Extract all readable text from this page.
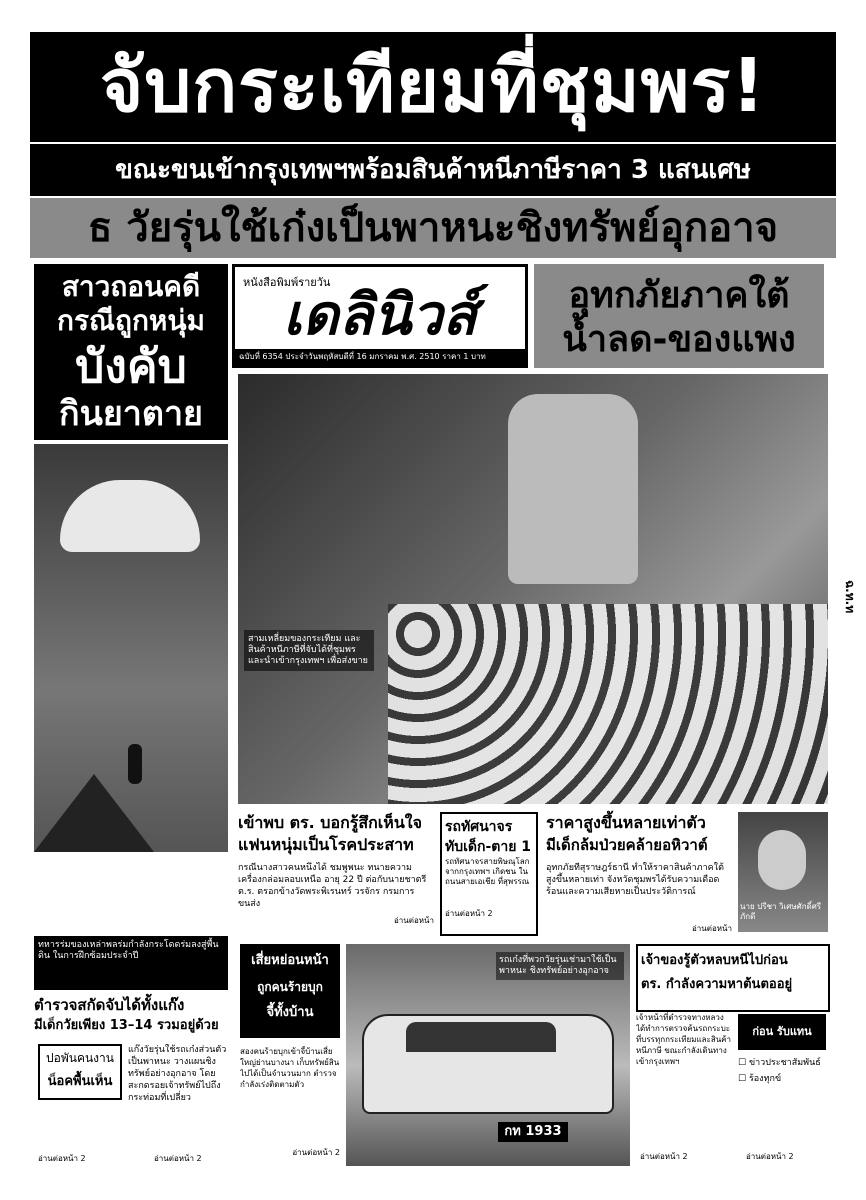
จับกระเทียมที่ชุมพร!
ขณะขนเข้ากรุงเทพฯพร้อมสินค้าหนีภาษีราคา 3 แสนเศษ
ธ วัยรุ่นใช้เก๋งเป็นพาหนะชิงทรัพย์อุกอาจ
สาวถอนคดี
กรณีถูกหนุ่ม
บังคับ
กินยาตาย
หนังสือพิมพ์รายวัน
เดลินิวส์
ฉบับที่ 6354 ประจำวันพฤหัสบดีที่ 16 มกราคม พ.ศ. 2510 ราคา 1 บาท
อุทกภัยภาคใต้
น้ำลด-ของแพง
ทหารร่มของเหล่าพลร่มกำลังกระโดดร่มลงสู่พื้นดิน ในการฝึกซ้อมประจำปี
สามเหลี่ยมของกระเทียม และสินค้าหนีภาษีที่จับได้ที่ชุมพร และนำเข้ากรุงเทพฯ เพื่อส่งขาย
ฉ.ท.ท
เข้าพบ ตร. บอกรู้สึกเห็นใจ
แฟนหนุ่มเป็นโรคประสาท
กรณีนางสาวคนหนึ่งได้ ชมพูพนะ ทนายความเครื่องกล่อมลอบเหนือ อายุ 22 ปี ต่อกับนายชาตรี ต.ร. ตรอกข้างวัดพระพิเรนทร์ วรจักร กรมการขนส่ง
อ่านต่อหน้า
รถทัศนาจร
ทับเด็ก-ตาย 1
รถทัศนาจรสายพิษณุโลก จากกรุงเทพฯ เกิดชน ในถนนสายเอเชีย ที่สุพรรณ
อ่านต่อหน้า 2
ราคาสูงขึ้นหลายเท่าตัว
มีเด็กล้มป่วยคล้ายอหิวาต์
อุทกภัยที่สุราษฎร์ธานี ทำให้ราคาสินค้าภาคใต้สูงขึ้นหลายเท่า จังหวัดชุมพรได้รับความเดือดร้อนและความเสียหายเป็นประวัติการณ์
อ่านต่อหน้า
นาย ปรีชา วิเศษศักดิ์ศรีภักดี
ตำรวจสกัดจับได้ทั้งแก๊ง
มีเด็กวัยเพียง 13–14 รวมอยู่ด้วย
ปอพันคนงาน
น็อคพื้นเห็น
แก๊งวัยรุ่นใช้รถเก๋งส่วนตัวเป็นพาหนะ วางแผนชิงทรัพย์อย่างอุกอาจ โดยสะกดรอยเจ้าทรัพย์ไปถึงกระท่อมที่เปลี่ยว
อ่านต่อหน้า 2	อ่านต่อหน้า 2
เสี่ยหย่อนหน้า
ถูกคนร้ายบุก
จี้ทั้งบ้าน
สองคนร้ายบุกเข้าจี้บ้านเสี่ยใหญ่ย่านบางนา เก็บทรัพย์สินไปได้เป็นจำนวนมาก ตำรวจกำลังเร่งติดตามตัว
อ่านต่อหน้า 2
กท 1933
รถเก๋งที่พวกวัยรุ่นเช่ามาใช้เป็นพาหนะ ชิงทรัพย์อย่างอุกอาจ
เจ้าของรู้ตัวหลบหนีไปก่อน
ตร. กำลังความหาต้นตออยู่
เจ้าหน้าที่ตำรวจทางหลวงได้ทำการตรวจค้นรถกระบะ ที่บรรทุกกระเทียมและสินค้าหนีภาษี ขณะกำลังเดินทางเข้ากรุงเทพฯ
ก่อน รับแทน
☐ ข่าวประชาสัมพันธ์
☐ ร้องทุกข์
อ่านต่อหน้า 2	อ่านต่อหน้า 2
